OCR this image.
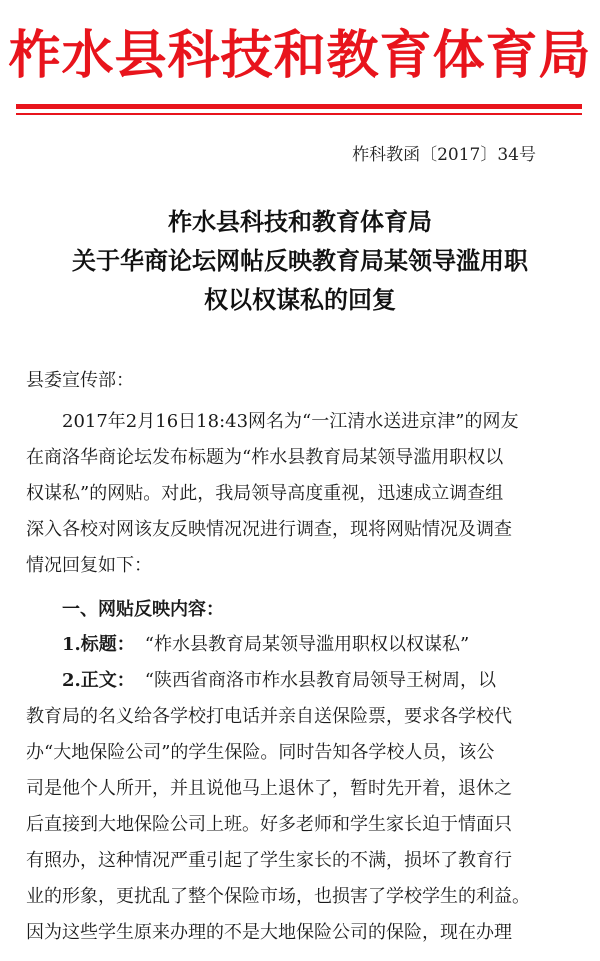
柞水县科技和教育体育局
柞科教函〔2017〕34号
柞水县科技和教育体育局
关于华商论坛网帖反映教育局某领导滥用职
权以权谋私的回复
县委宣传部：
　　2017年2月16日18:43网名为“一江清水送进京津”的网友
在商洛华商论坛发布标题为“柞水县教育局某领导滥用职权以
权谋私”的网贴。对此，我局领导高度重视，迅速成立调查组
深入各校对网该友反映情况况进行调查，现将网贴情况及调查
情况回复如下：
一、网贴反映内容：
1.标题： “柞水县教育局某领导滥用职权以权谋私”
2.正文： “陕西省商洛市柞水县教育局领导王树周，以
教育局的名义给各学校打电话并亲自送保险票，要求各学校代
办“大地保险公司”的学生保险。同时告知各学校人员，该公
司是他个人所开，并且说他马上退休了，暂时先开着，退休之
后直接到大地保险公司上班。好多老师和学生家长迫于情面只
有照办，这种情况严重引起了学生家长的不满，损坏了教育行
业的形象，更扰乱了整个保险市场，也损害了学校学生的利益。
因为这些学生原来办理的不是大地保险公司的保险，现在办理
